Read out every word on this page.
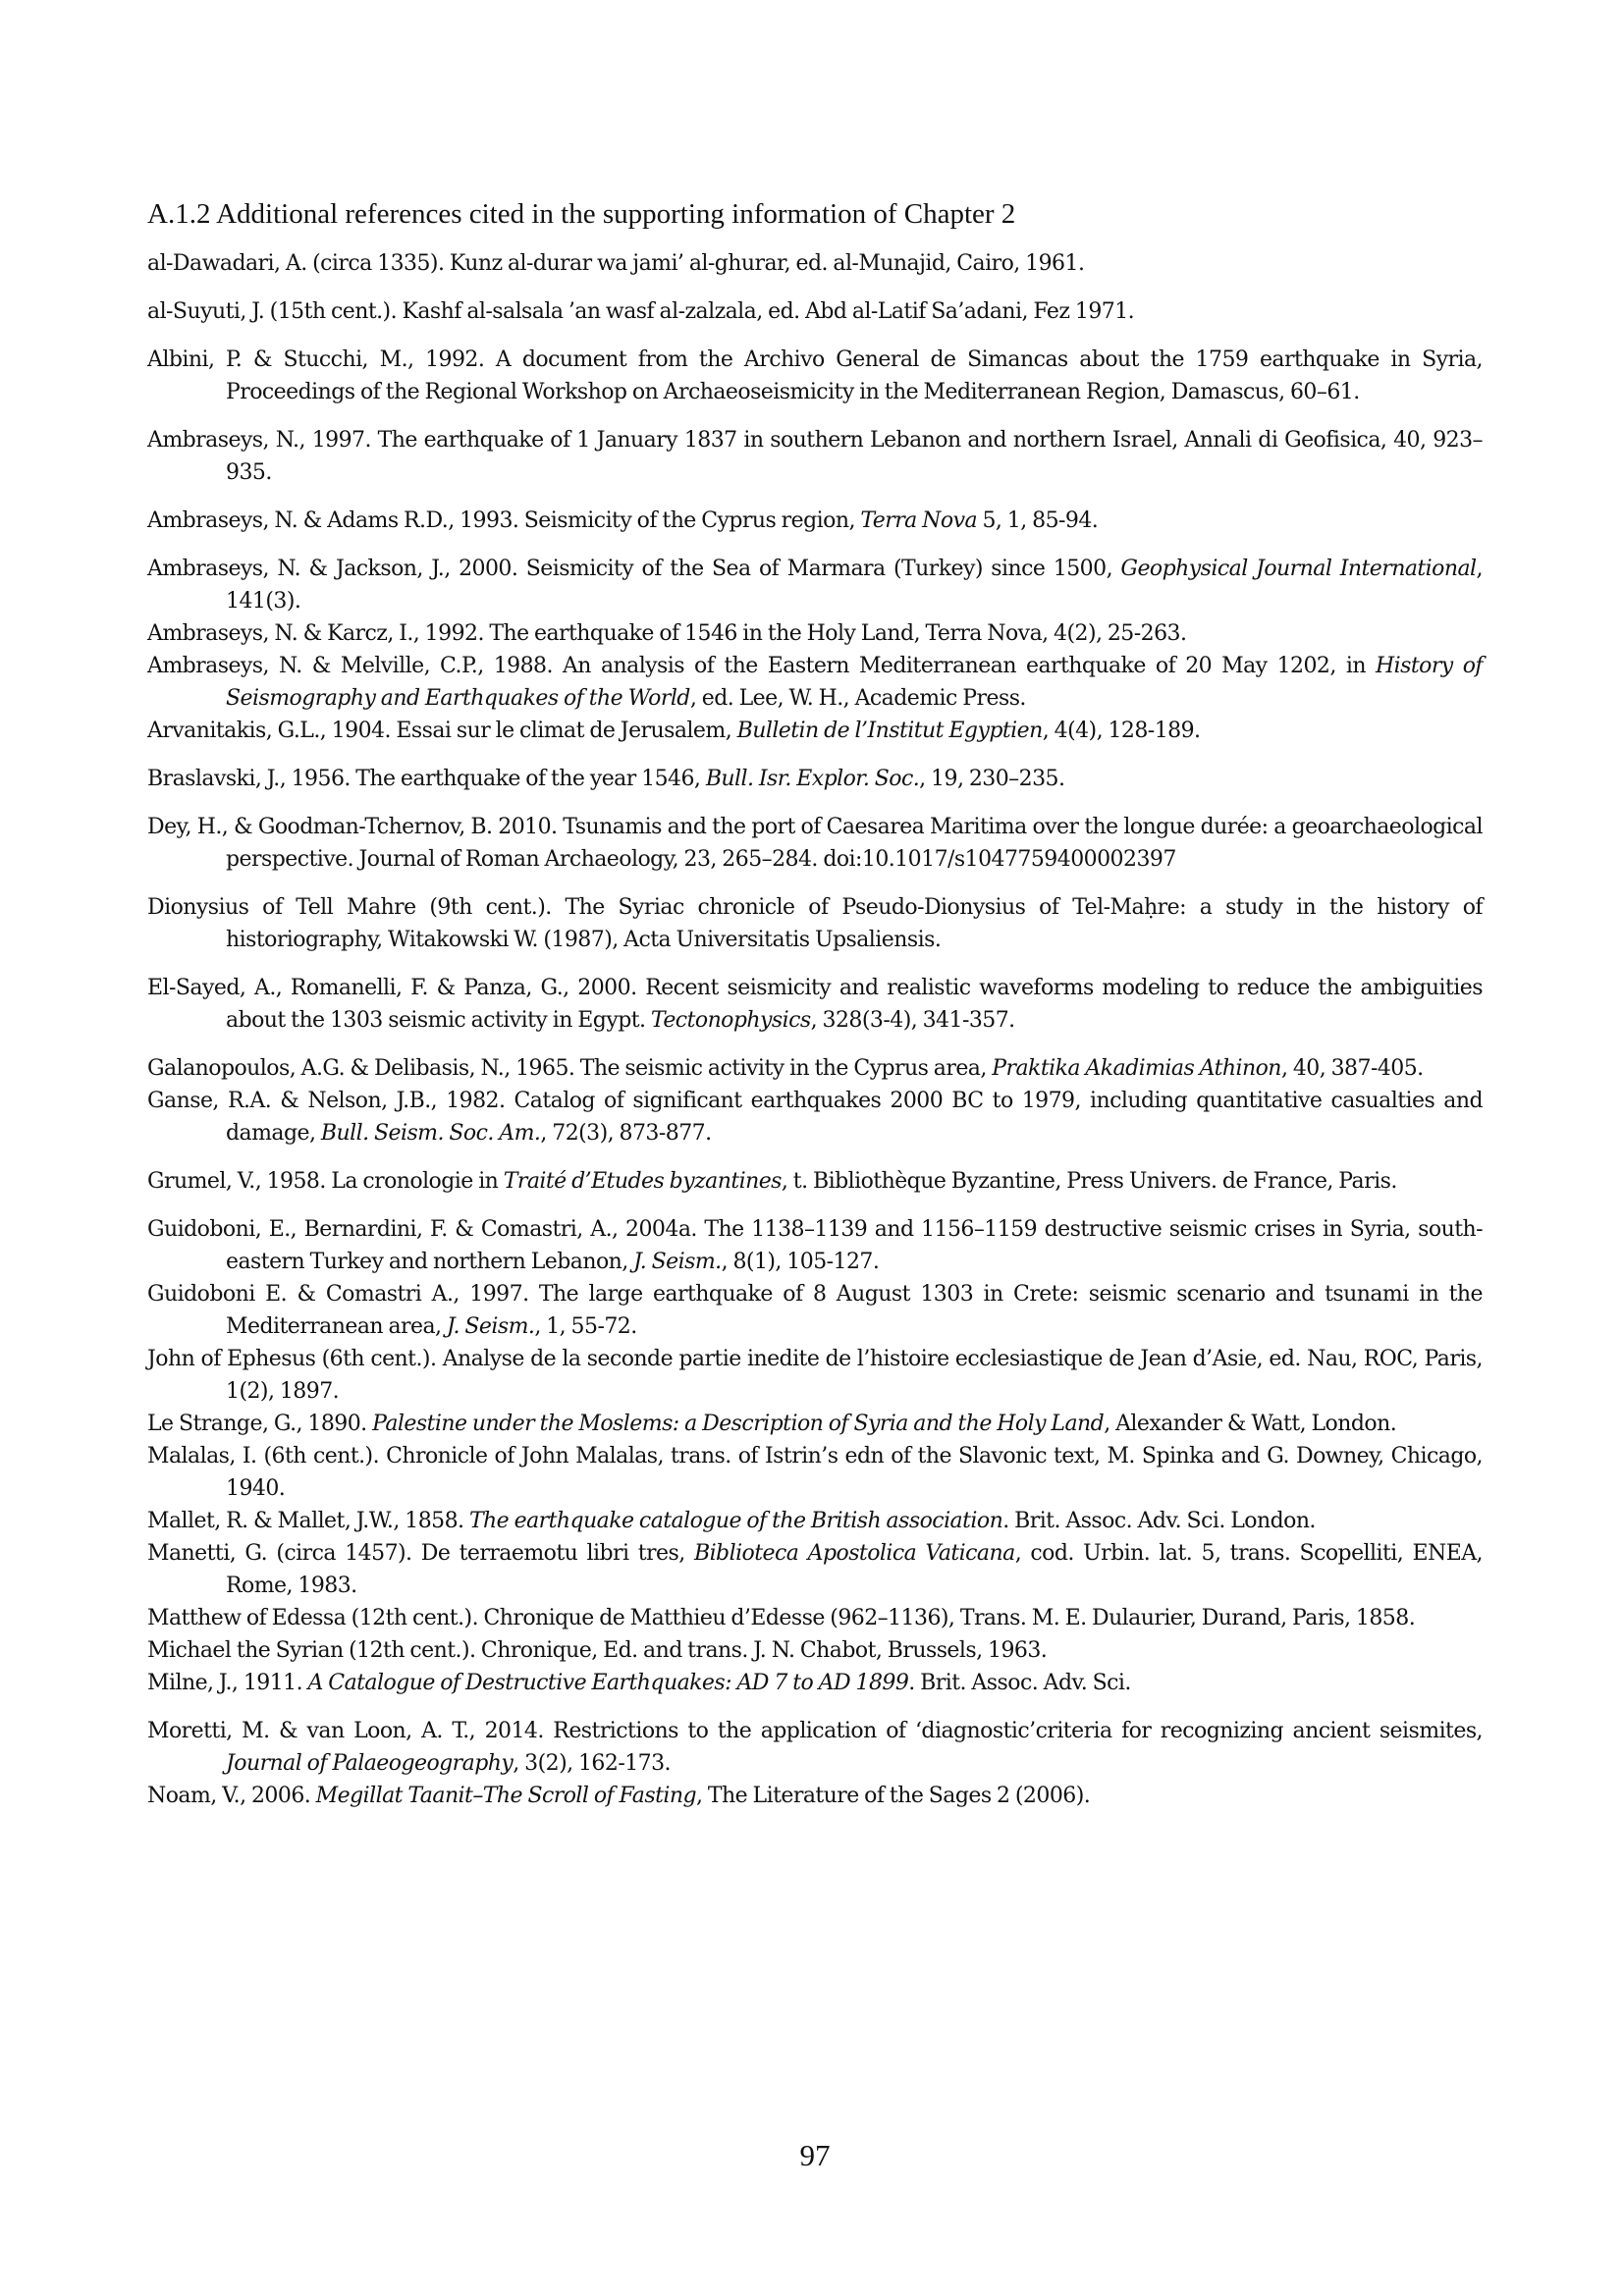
A.1.2 Additional references cited in the supporting information of Chapter 2

al-Dawadari, A. (circa 1335). Kunz al-durar wa jami’ al-ghurar, ed. al-Munajid, Cairo, 1961.

al-Suyuti, J. (15th cent.). Kashf al-salsala ’an wasf al-zalzala, ed. Abd al-Latif Sa’adani, Fez 1971.

Albini, P. & Stucchi, M., 1992. A document from the Archivo General de Simancas about the 1759 earthquake in Syria, Proceedings of the Regional Workshop on Archaeoseismicity in the Mediterranean Region, Damascus, 60–61.

Ambraseys, N., 1997. The earthquake of 1 January 1837 in southern Lebanon and northern Israel, Annali di Geofisica, 40, 923–935.

Ambraseys, N. & Adams R.D., 1993. Seismicity of the Cyprus region, Terra Nova 5, 1, 85-94.

Ambraseys, N. & Jackson, J., 2000. Seismicity of the Sea of Marmara (Turkey) since 1500, Geophysical Journal International, 141(3).

Ambraseys, N. & Karcz, I., 1992. The earthquake of 1546 in the Holy Land, Terra Nova, 4(2), 25-263.

Ambraseys, N. & Melville, C.P., 1988. An analysis of the Eastern Mediterranean earthquake of 20 May 1202, in History of Seismography and Earthquakes of the World, ed. Lee, W. H., Academic Press.

Arvanitakis, G.L., 1904. Essai sur le climat de Jerusalem, Bulletin de l’Institut Egyptien, 4(4), 128-189.

Braslavski, J., 1956. The earthquake of the year 1546, Bull. Isr. Explor. Soc., 19, 230–235.

Dey, H., & Goodman-Tchernov, B. 2010. Tsunamis and the port of Caesarea Maritima over the longue durée: a geoarchaeological perspective. Journal of Roman Archaeology, 23, 265–284. doi:10.1017/s1047759400002397

Dionysius of Tell Mahre (9th cent.). The Syriac chronicle of Pseudo-Dionysius of Tel-Maḥre: a study in the history of historiography, Witakowski W. (1987), Acta Universitatis Upsaliensis.

El-Sayed, A., Romanelli, F. & Panza, G., 2000. Recent seismicity and realistic waveforms modeling to reduce the ambiguities about the 1303 seismic activity in Egypt. Tectonophysics, 328(3-4), 341-357.

Galanopoulos, A.G. & Delibasis, N., 1965. The seismic activity in the Cyprus area, Praktika Akadimias Athinon, 40, 387-405.

Ganse, R.A. & Nelson, J.B., 1982. Catalog of significant earthquakes 2000 BC to 1979, including quantitative casualties and damage, Bull. Seism. Soc. Am., 72(3), 873-877.

Grumel, V., 1958. La cronologie in Traité d’Etudes byzantines, t. Bibliothèque Byzantine, Press Univers. de France, Paris.

Guidoboni, E., Bernardini, F. & Comastri, A., 2004a. The 1138–1139 and 1156–1159 destructive seismic crises in Syria, south-eastern Turkey and northern Lebanon, J. Seism., 8(1), 105-127.

Guidoboni E. & Comastri A., 1997. The large earthquake of 8 August 1303 in Crete: seismic scenario and tsunami in the Mediterranean area, J. Seism., 1, 55-72.

John of Ephesus (6th cent.). Analyse de la seconde partie inedite de l’histoire ecclesiastique de Jean d’Asie, ed. Nau, ROC, Paris, 1(2), 1897.

Le Strange, G., 1890. Palestine under the Moslems: a Description of Syria and the Holy Land, Alexander & Watt, London.

Malalas, I. (6th cent.). Chronicle of John Malalas, trans. of Istrin’s edn of the Slavonic text, M. Spinka and G. Downey, Chicago, 1940.

Mallet, R. & Mallet, J.W., 1858. The earthquake catalogue of the British association. Brit. Assoc. Adv. Sci. London.

Manetti, G. (circa 1457). De terraemotu libri tres, Biblioteca Apostolica Vaticana, cod. Urbin. lat. 5, trans. Scopelliti, ENEA, Rome, 1983.

Matthew of Edessa (12th cent.). Chronique de Matthieu d’Edesse (962–1136), Trans. M. E. Dulaurier, Durand, Paris, 1858.

Michael the Syrian (12th cent.). Chronique, Ed. and trans. J. N. Chabot, Brussels, 1963.

Milne, J., 1911. A Catalogue of Destructive Earthquakes: AD 7 to AD 1899. Brit. Assoc. Adv. Sci.

Moretti, M. & van Loon, A. T., 2014. Restrictions to the application of ‘diagnostic’criteria for recognizing ancient seismites, Journal of Palaeogeography, 3(2), 162-173.

Noam, V., 2006. Megillat Taanit–The Scroll of Fasting, The Literature of the Sages 2 (2006).

97
